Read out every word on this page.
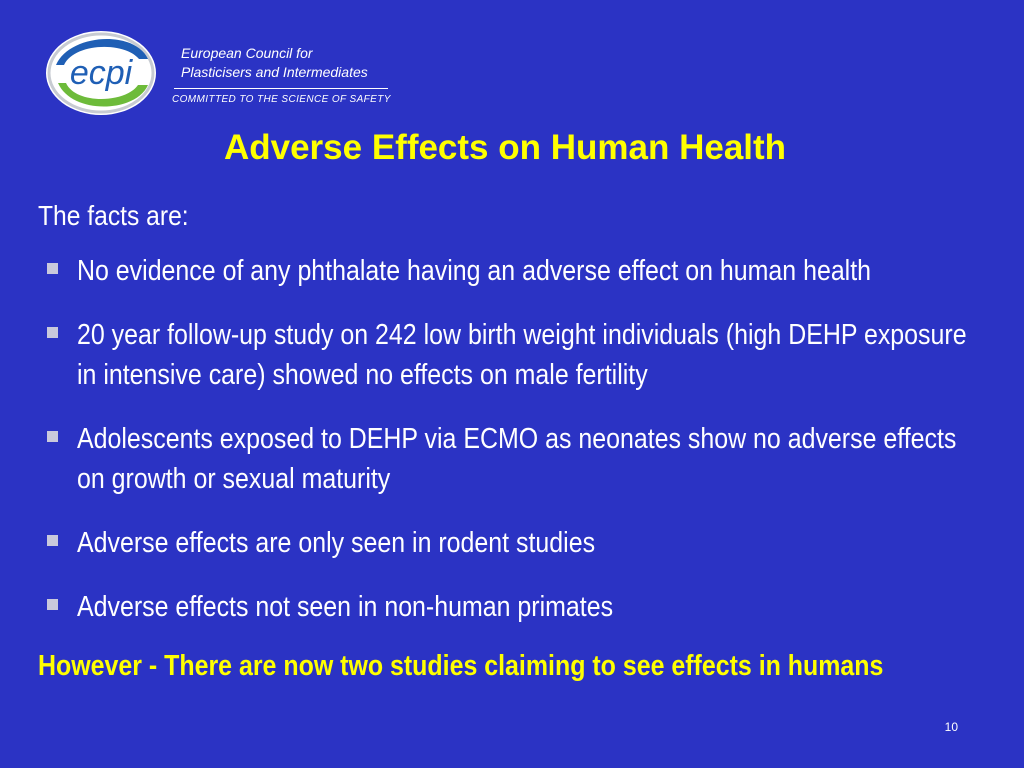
ecpi
European Council for
Plasticisers and Intermediates
COMMITTED TO THE SCIENCE OF SAFETY
Adverse Effects on Human Health
The facts are:
No evidence of any phthalate having an adverse effect on human health
20 year follow-up study on 242 low birth weight individuals (high DEHP exposure in intensive care) showed no effects on male fertility
Adolescents exposed to DEHP via ECMO as neonates show no adverse effects on growth or sexual maturity
Adverse effects are only seen in rodent studies
Adverse effects not seen in non-human primates
However - There are now two studies claiming to see effects in humans
10
